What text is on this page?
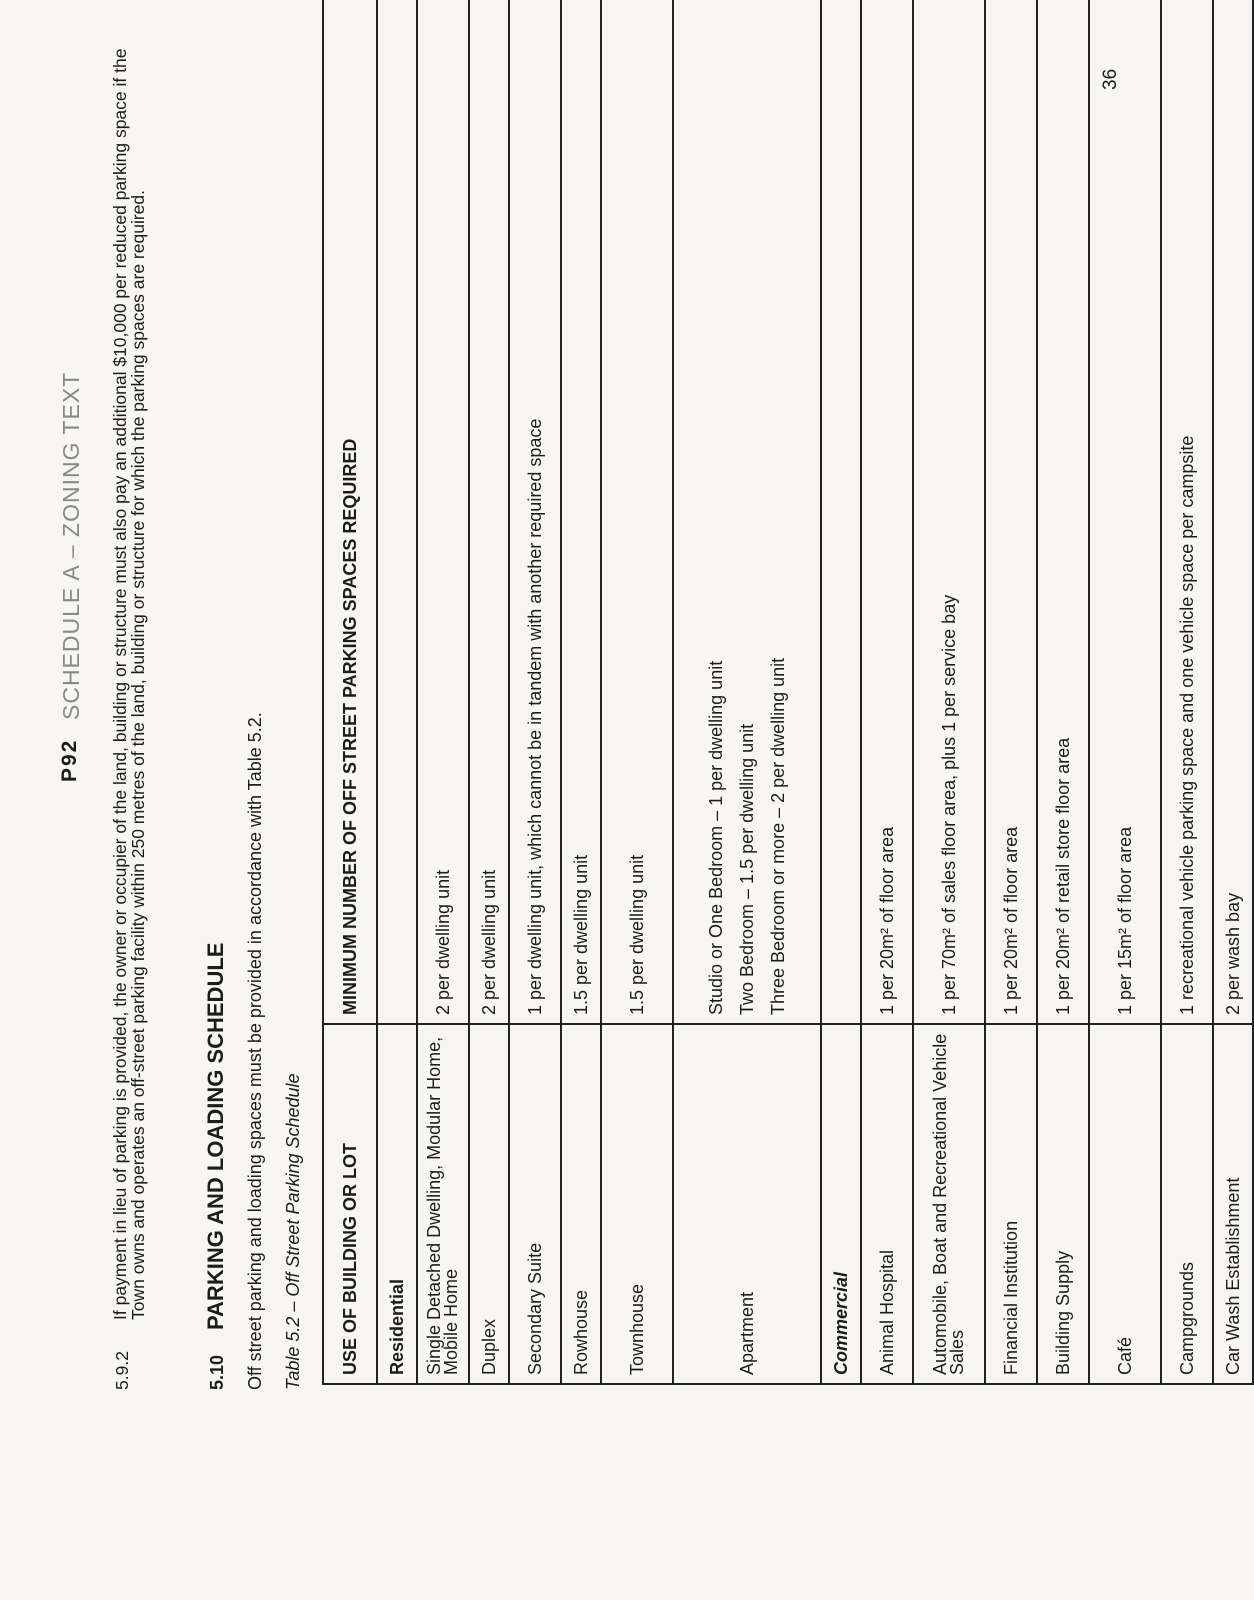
P92
SCHEDULE A – ZONING TEXT
5.9.2
If payment in lieu of parking is provided, the owner or occupier of the land, building or structure must also pay an additional $10,000 per reduced parking space if the Town owns and operates an off-street parking facility within 250 metres of the land, building or structure for which the parking spaces are required.
5.10PARKING AND LOADING SCHEDULE Off street parking and loading spaces must be provided in accordance with Table 5.2. Table 5.2 – Off Street Parking Schedule USE OF BUILDING OR LOT	MINIMUM NUMBER OF OFF STREET PARKING SPACES REQUIRED
Residential	
Single Detached Dwelling, Modular Home, Mobile Home	2 per dwelling unit
Duplex	2 per dwelling unit
Secondary Suite	1 per dwelling unit, which cannot be in tandem with another required space
Rowhouse	1.5 per dwelling unit
Townhouse	1.5 per dwelling unit
Apartment	Studio or One Bedroom – 1 per dwelling unit Two Bedroom – 1.5 per dwelling unit Three Bedroom or more – 2 per dwelling unit

Commercial	
Animal Hospital	1 per 20m² of floor area
Automobile, Boat and Recreational Vehicle Sales	1 per 70m² of sales floor area, plus 1 per service bay
Financial Institution	1 per 20m² of floor area
Building Supply	1 per 20m² of retail store floor area
Café	1 per 15m² of floor area
Campgrounds	1 recreational vehicle parking space and one vehicle space per campsite
Car Wash Establishment	2 per wash bay
36
